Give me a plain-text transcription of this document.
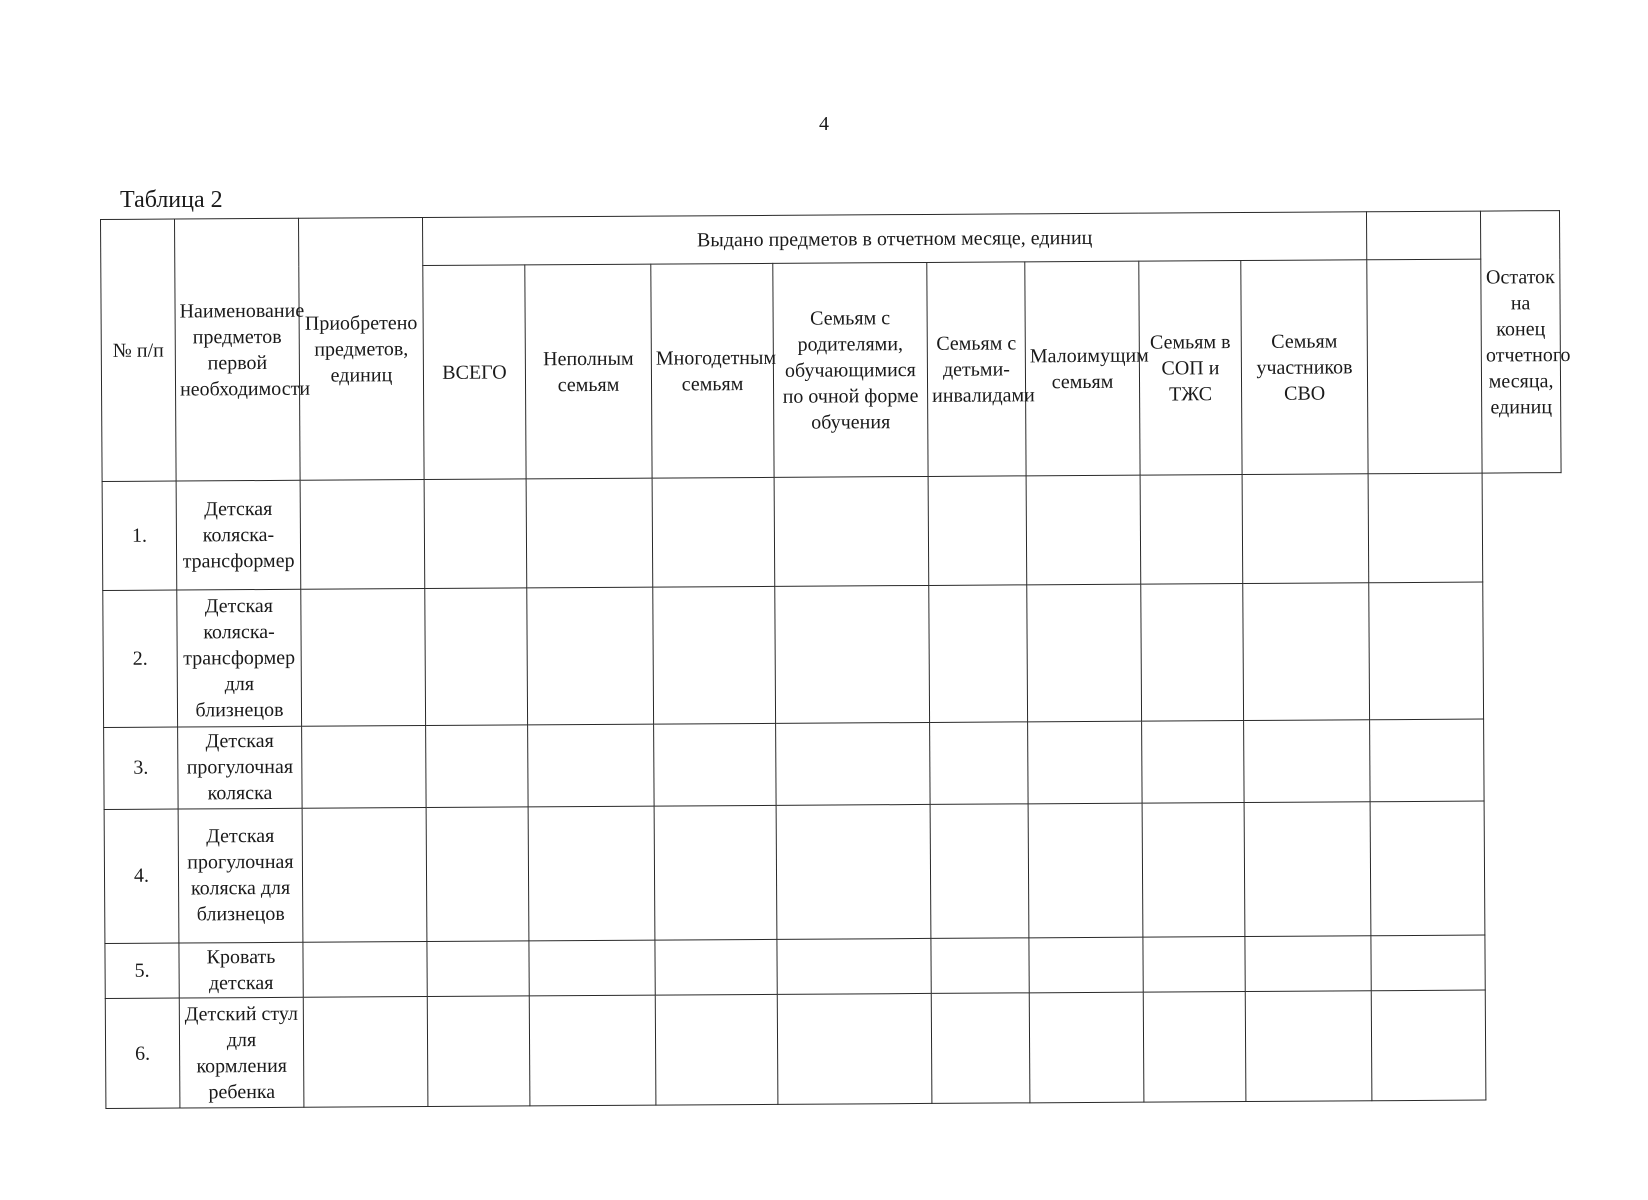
4
Таблица 2
№ п/п	Наименование предметов первой необходимости	Приобретено предметов, единиц	Выдано предметов в отчетном месяце, единиц									Остаток на конец отчетного месяца, единиц
			ВСЕГО	Неполным семьям	Многодетным семьям	Семьям с родителями, обучающимися по очной форме обучения	Семьям с детьми-инвалидами	Малоимущим семьям	Семьям в СОП и ТЖС	Семьям участников СВО		
1.	Детская коляска-трансформер											
2.	Детская коляска-трансформер для близнецов											
3.	Детская прогулочная коляска											
4.	Детская прогулочная коляска для близнецов											
5.	Кровать детская											
6.	Детский стул для кормления ребенка											
